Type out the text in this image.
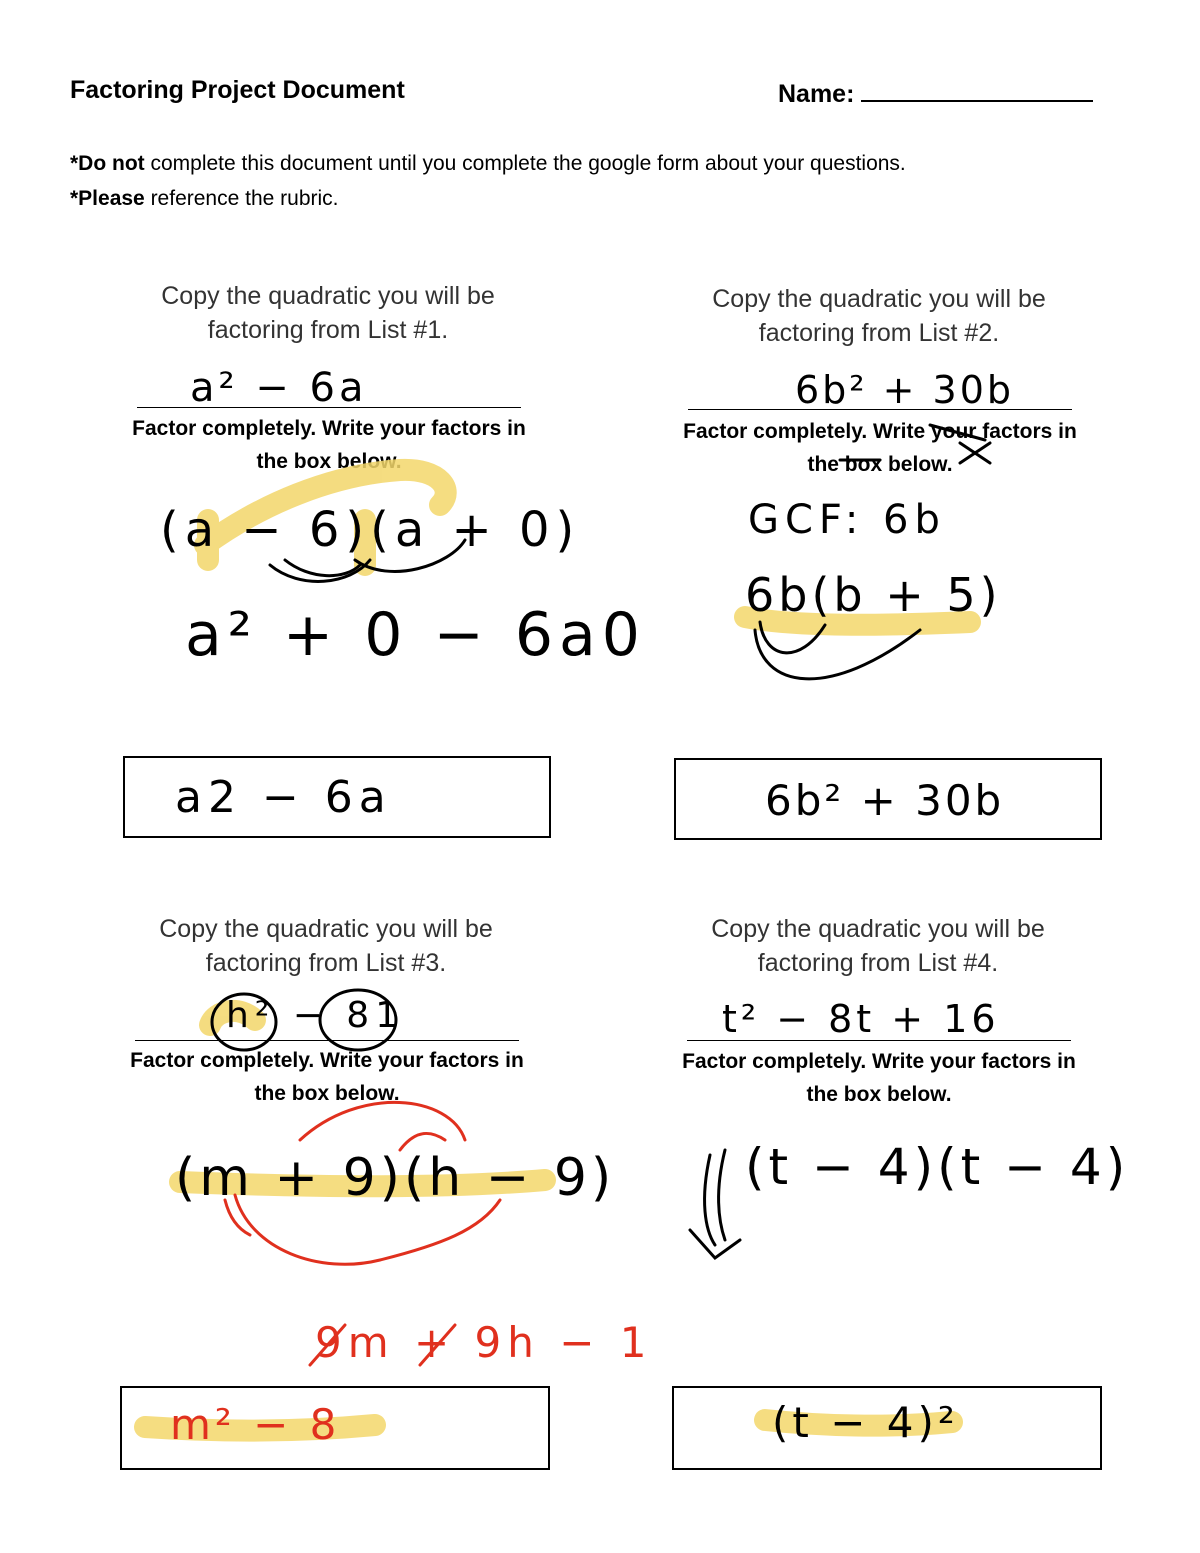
Factoring Project Document	Name:
*Do not complete this document until you complete the google form about your questions.
*Please reference the rubric.
Copy the quadratic you will be
factoring from List #1.
Factor completely. Write your factors in
the box below.
Copy the quadratic you will be
factoring from List #2.
Factor completely. Write your factors in
the box below.
Copy the quadratic you will be
factoring from List #3.
Factor completely. Write your factors in
the box below.
Copy the quadratic you will be
factoring from List #4.
Factor completely. Write your factors in
the box below.
a² − 6a
(a − 6)(a + 0)
a² + 0 − 6a0
a2 − 6a
6b² + 30b
GCF: 6b
6b(b + 5)
6b² + 30b
h² − 81
(m + 9)(h − 9)
9m + 9h − 1
m² − 8
t² − 8t + 16
(t − 4)(t − 4)
(t − 4)²
